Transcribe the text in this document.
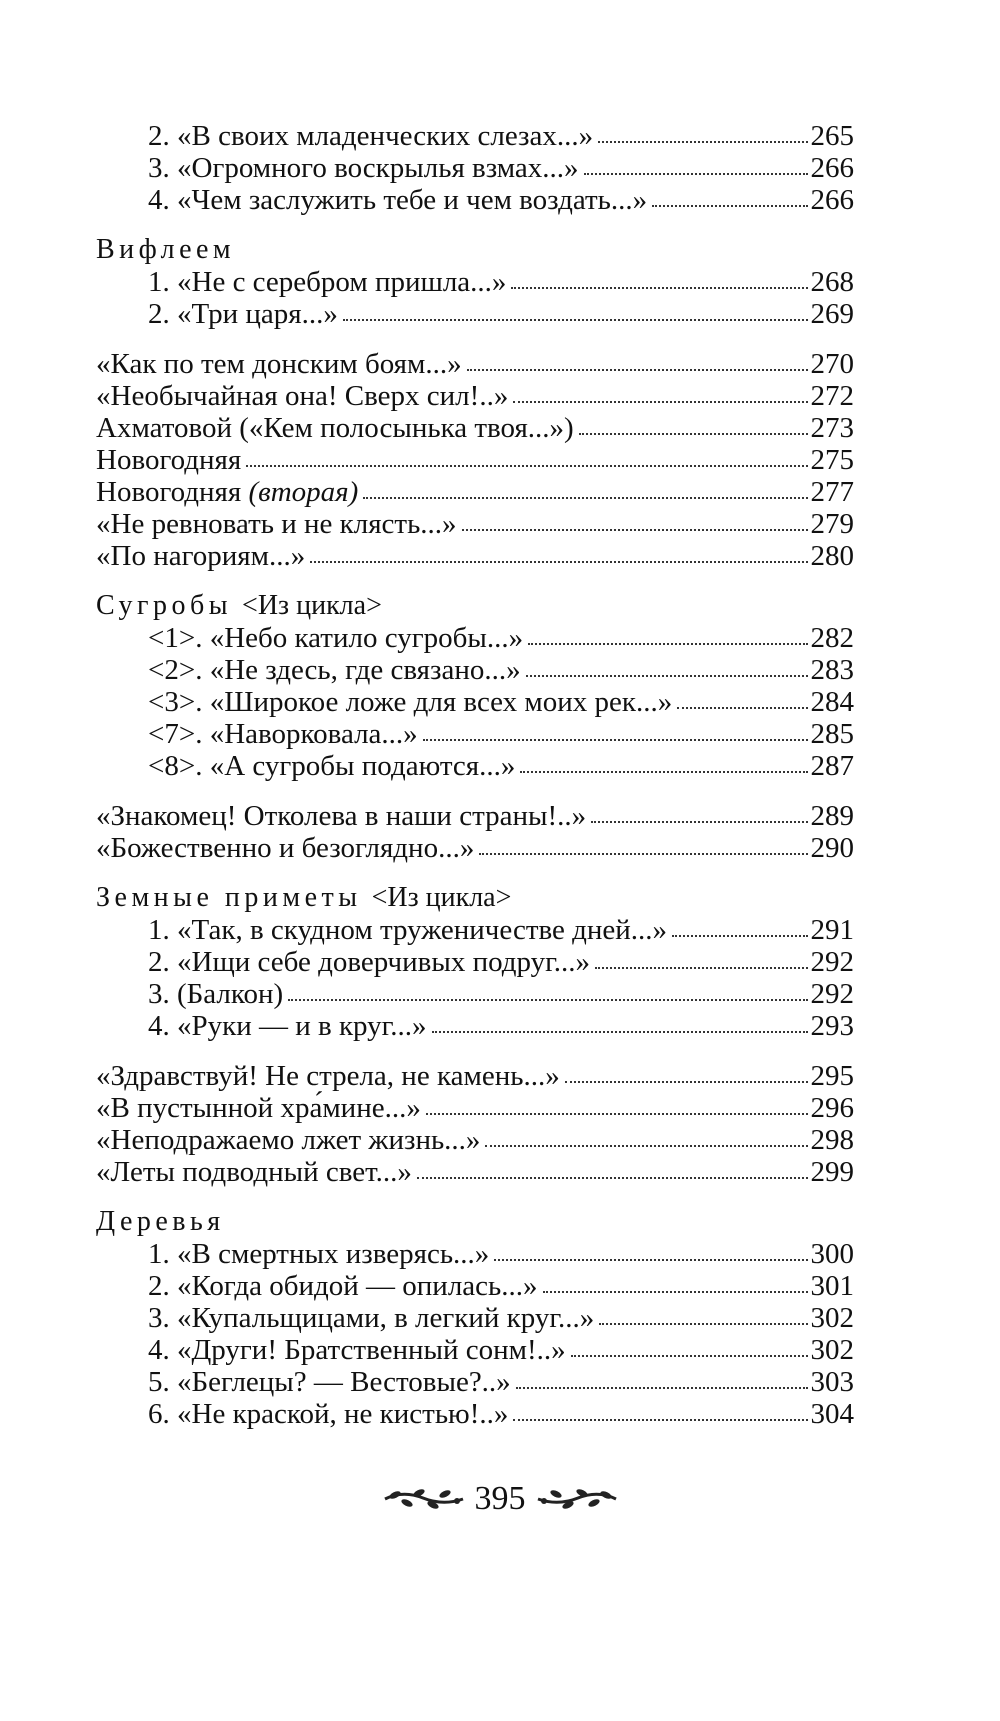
2. «В своих младенческих слезах...»	265
3. «Огромного воскрылья взмах...»	266
4. «Чем заслужить тебе и чем воздать...»	266
Вифлеем
1. «Не с серебром пришла...»	268
2. «Три царя...»	269
«Как по тем донским боям...»	270
«Необычайная она! Сверх сил!..»	272
Ахматовой («Кем полосынька твоя...»)	273
Новогодняя	275
Новогодняя (вторая)	277
«Не ревновать и не клясть...»	279
«По нагориям...»	280
Сугробы <Из цикла>
<1>. «Небо катило сугробы...»	282
<2>. «Не здесь, где связано...»	283
<3>. «Широкое ложе для всех моих рек...»	284
<7>. «Наворковала...»	285
<8>. «А сугробы подаются...»	287
«Знакомец! Отколева в наши страны!..»	289
«Божественно и безоглядно...»	290
Земные приметы <Из цикла>
1. «Так, в скудном труженичестве дней...»	291
2. «Ищи себе доверчивых подруг...»	292
3. (Балкон)	292
4. «Руки — и в круг...»	293
«Здравствуй! Не стрела, не камень...»	295
«В пустынной хра́мине...»	296
«Неподражаемо лжет жизнь...»	298
«Леты подводный свет...»	299
Деревья
1. «В смертных изверясь...»	300
2. «Когда обидой — опилась...»	301
3. «Купальщицами, в легкий круг...»	302
4. «Други! Братственный сонм!..»	302
5. «Беглецы? — Вестовые?..»	303
6. «Не краской, не кистью!..»	304
395
